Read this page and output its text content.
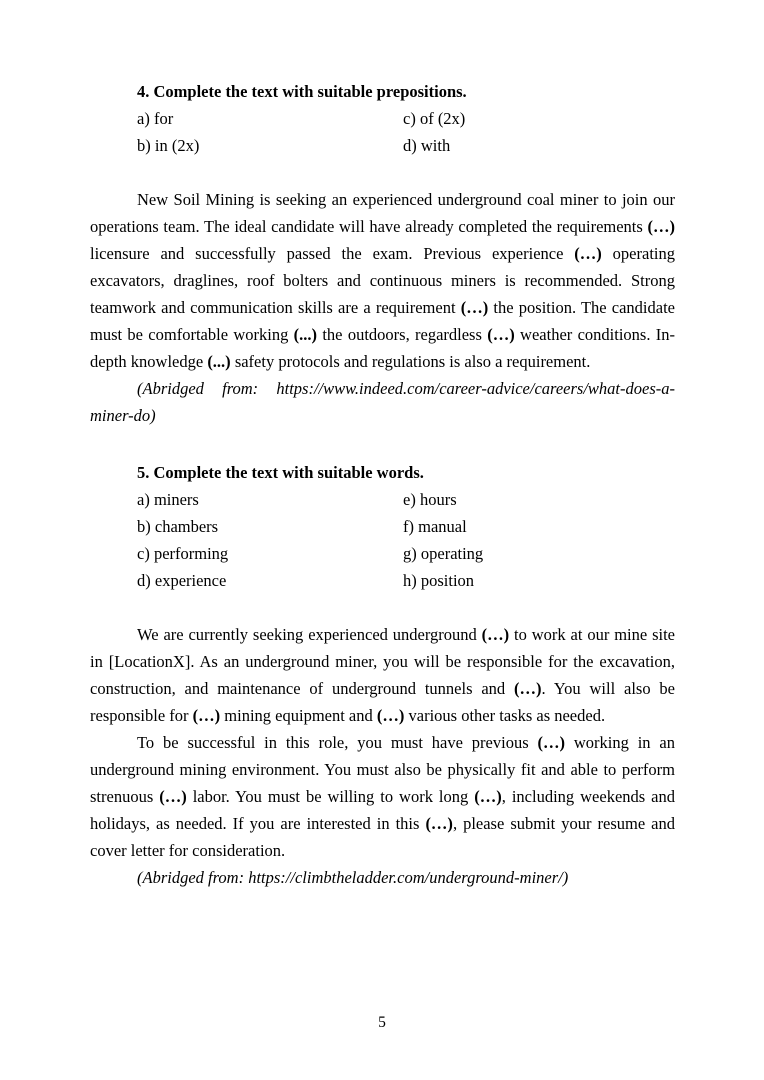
4. Complete the text with suitable prepositions.

a) for	c) of (2x)
b) in (2x)	d) with

New Soil Mining is seeking an experienced underground coal miner to join our operations team. The ideal candidate will have already completed the requirements (…) licensure and successfully passed the exam. Previous experience (…) operating excavators, draglines, roof bolters and continuous miners is recommended. Strong teamwork and communication skills are a requirement (…) the position. The candidate must be comfortable working (...) the outdoors, regardless (…) weather conditions. In-depth knowledge (...) safety protocols and regulations is also a requirement.

(Abridged from: https://www.indeed.com/career-advice/careers/what-does-a-miner-do)

5. Complete the text with suitable words.

a) miners	e) hours
b) chambers	f) manual
c) performing	g) operating
d) experience	h) position

We are currently seeking experienced underground (…) to work at our mine site in [LocationX]. As an underground miner, you will be responsible for the excavation, construction, and maintenance of underground tunnels and (…). You will also be responsible for (…) mining equipment and (…) various other tasks as needed.

To be successful in this role, you must have previous (…) working in an underground mining environment. You must also be physically fit and able to perform strenuous (…) labor. You must be willing to work long (…), including weekends and holidays, as needed. If you are interested in this (…), please submit your resume and cover letter for consideration.

(Abridged from: https://climbtheladder.com/underground-miner/)

5
